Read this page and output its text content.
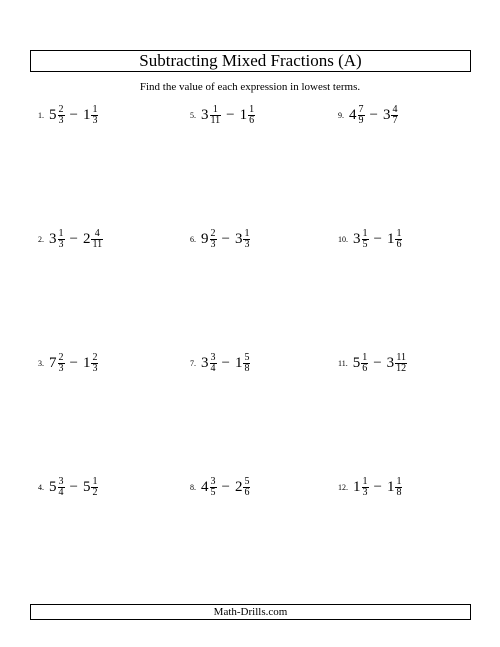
Subtracting Mixed Fractions (A)
Find the value of each expression in lowest terms.
1. $5 \frac{2}{3} - 1 \frac{1}{3}$
2. $3 \frac{1}{3} - 2 \frac{4}{11}$
3. $7 \frac{2}{3} - 1 \frac{2}{3}$
4. $5 \frac{3}{4} - 5 \frac{1}{2}$
5. $3 \frac{1}{11} - 1 \frac{1}{6}$
6. $9 \frac{2}{3} - 3 \frac{1}{3}$
7. $3 \frac{3}{4} - 1 \frac{5}{8}$
8. $4 \frac{3}{5} - 2 \frac{5}{6}$
9. $4 \frac{7}{9} - 3 \frac{4}{7}$
10. $3 \frac{1}{5} - 1 \frac{1}{6}$
11. $5 \frac{1}{6} - 3 \frac{11}{12}$
12. $1 \frac{1}{3} - 1 \frac{1}{8}$
Math-Drills.com
